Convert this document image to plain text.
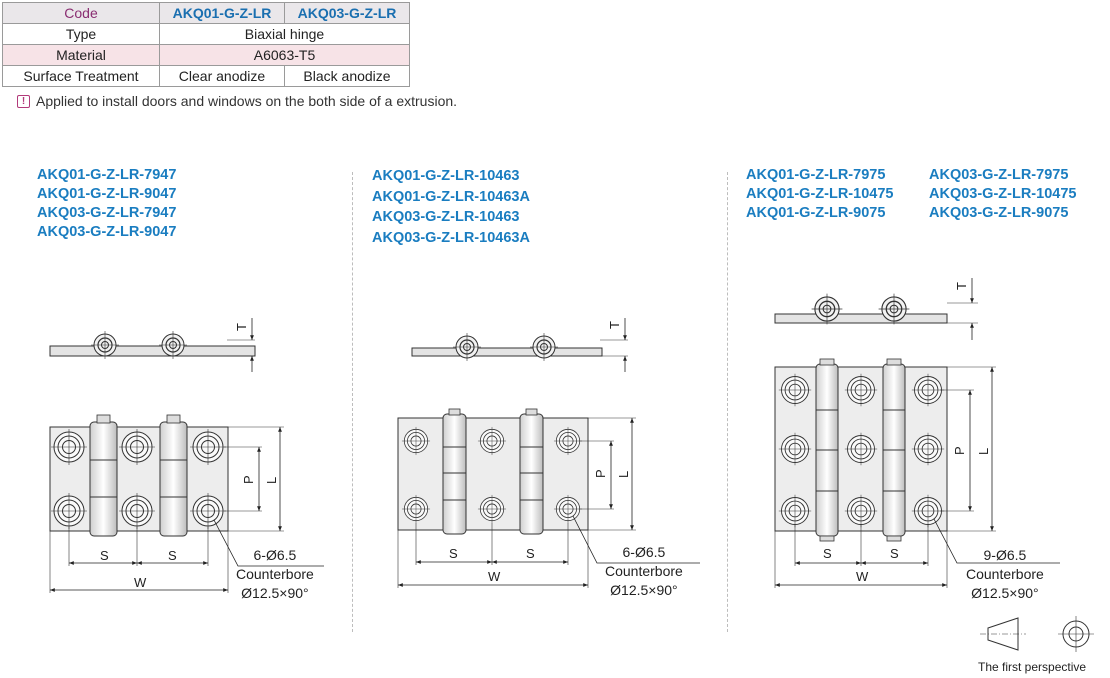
Code	AKQ01-G-Z-LR	AKQ03-G-Z-LR
Type	Biaxial hinge	
Material	A6063-T5	
Surface Treatment	Clear anodize	Black anodize
! Applied to install doors and windows on the both side of a extrusion.
AKQ01-G-Z-LR-7947
AKQ01-G-Z-LR-9047
AKQ03-G-Z-LR-7947
AKQ03-G-Z-LR-9047
AKQ01-G-Z-LR-10463
AKQ01-G-Z-LR-10463A
AKQ03-G-Z-LR-10463
AKQ03-G-Z-LR-10463A
AKQ01-G-Z-LR-7975
AKQ01-G-Z-LR-10475
AKQ01-G-Z-LR-9075
AKQ03-G-Z-LR-7975
AKQ03-G-Z-LR-10475
AKQ03-G-Z-LR-9075
T
S	S
W
P L
T
S	S
W
P L
T
S	S
W
P L
6-Ø6.5
Counterbore
Ø12.5×90°
6-Ø6.5
Counterbore
Ø12.5×90°
9-Ø6.5
Counterbore
Ø12.5×90°
The first perspective
